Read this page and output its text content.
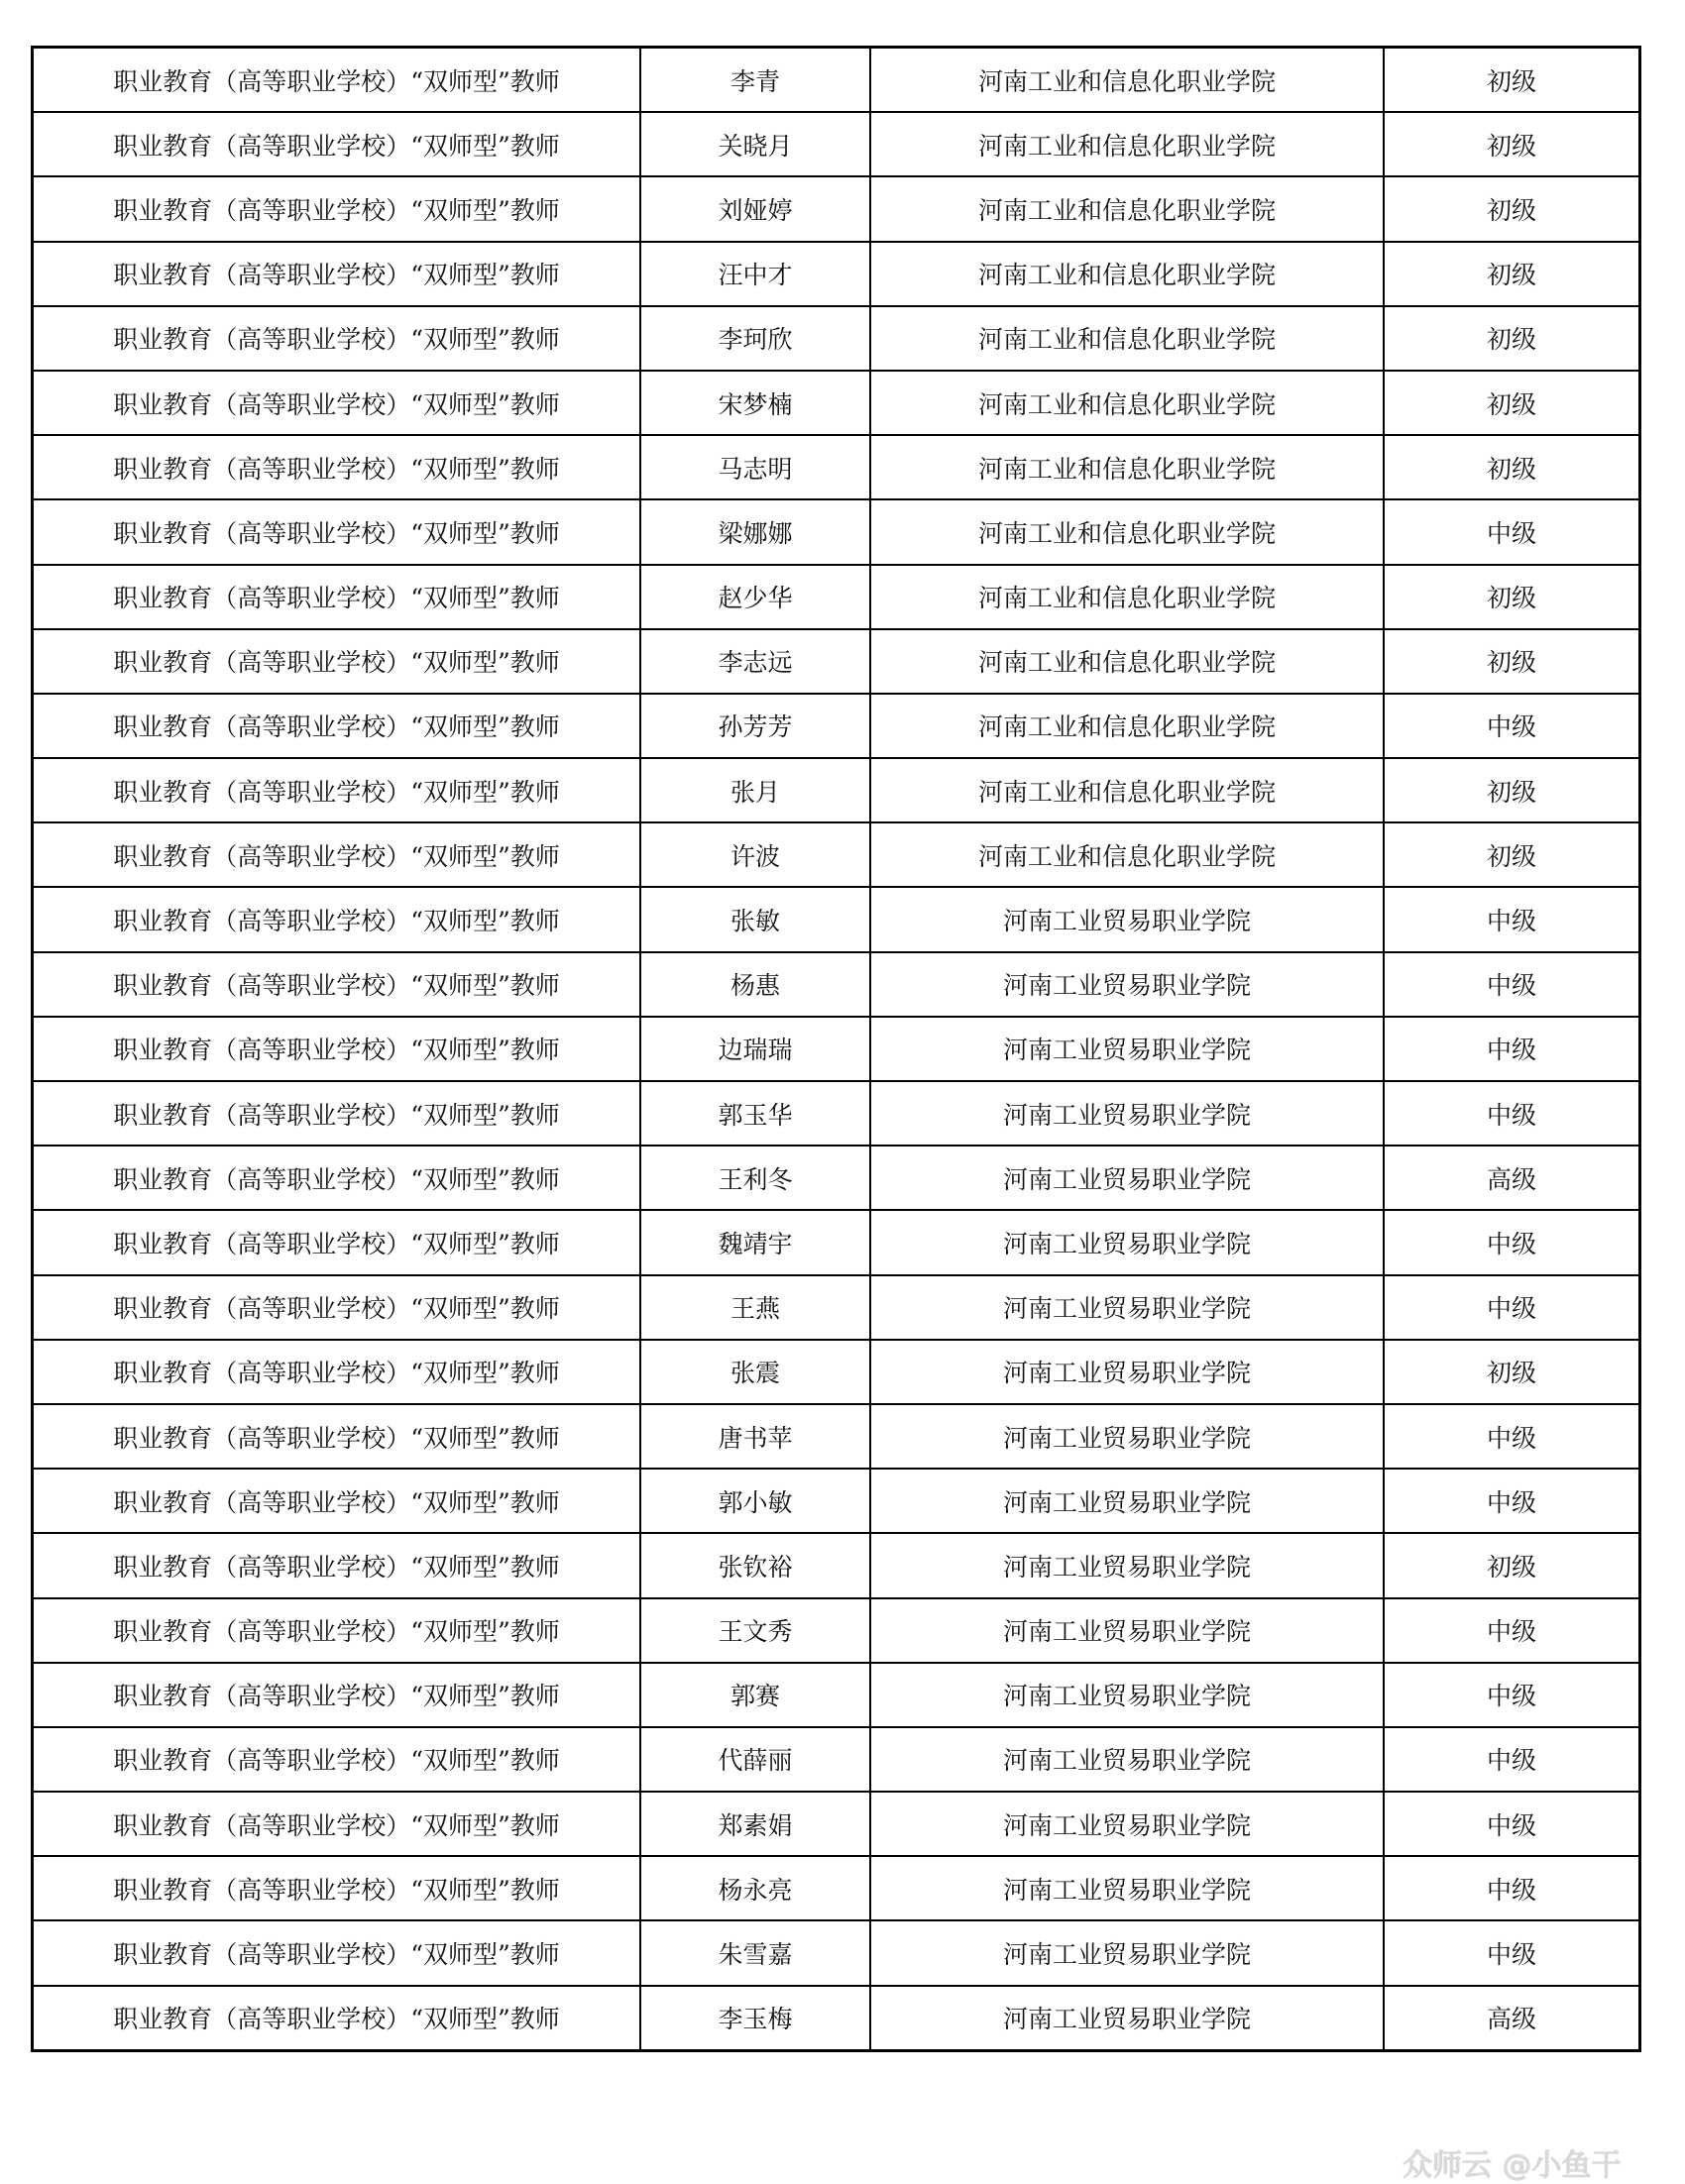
职业教育（高等职业学校）“双师型”教师	李青	河南工业和信息化职业学院	初级
职业教育（高等职业学校）“双师型”教师	关晓月	河南工业和信息化职业学院	初级
职业教育（高等职业学校）“双师型”教师	刘娅婷	河南工业和信息化职业学院	初级
职业教育（高等职业学校）“双师型”教师	汪中才	河南工业和信息化职业学院	初级
职业教育（高等职业学校）“双师型”教师	李珂欣	河南工业和信息化职业学院	初级
职业教育（高等职业学校）“双师型”教师	宋梦楠	河南工业和信息化职业学院	初级
职业教育（高等职业学校）“双师型”教师	马志明	河南工业和信息化职业学院	初级
职业教育（高等职业学校）“双师型”教师	梁娜娜	河南工业和信息化职业学院	中级
职业教育（高等职业学校）“双师型”教师	赵少华	河南工业和信息化职业学院	初级
职业教育（高等职业学校）“双师型”教师	李志远	河南工业和信息化职业学院	初级
职业教育（高等职业学校）“双师型”教师	孙芳芳	河南工业和信息化职业学院	中级
职业教育（高等职业学校）“双师型”教师	张月	河南工业和信息化职业学院	初级
职业教育（高等职业学校）“双师型”教师	许波	河南工业和信息化职业学院	初级
职业教育（高等职业学校）“双师型”教师	张敏	河南工业贸易职业学院	中级
职业教育（高等职业学校）“双师型”教师	杨惠	河南工业贸易职业学院	中级
职业教育（高等职业学校）“双师型”教师	边瑞瑞	河南工业贸易职业学院	中级
职业教育（高等职业学校）“双师型”教师	郭玉华	河南工业贸易职业学院	中级
职业教育（高等职业学校）“双师型”教师	王利冬	河南工业贸易职业学院	高级
职业教育（高等职业学校）“双师型”教师	魏靖宇	河南工业贸易职业学院	中级
职业教育（高等职业学校）“双师型”教师	王燕	河南工业贸易职业学院	中级
职业教育（高等职业学校）“双师型”教师	张震	河南工业贸易职业学院	初级
职业教育（高等职业学校）“双师型”教师	唐书苹	河南工业贸易职业学院	中级
职业教育（高等职业学校）“双师型”教师	郭小敏	河南工业贸易职业学院	中级
职业教育（高等职业学校）“双师型”教师	张钦裕	河南工业贸易职业学院	初级
职业教育（高等职业学校）“双师型”教师	王文秀	河南工业贸易职业学院	中级
职业教育（高等职业学校）“双师型”教师	郭赛	河南工业贸易职业学院	中级
职业教育（高等职业学校）“双师型”教师	代薛丽	河南工业贸易职业学院	中级
职业教育（高等职业学校）“双师型”教师	郑素娟	河南工业贸易职业学院	中级
职业教育（高等职业学校）“双师型”教师	杨永亮	河南工业贸易职业学院	中级
职业教育（高等职业学校）“双师型”教师	朱雪嘉	河南工业贸易职业学院	中级
职业教育（高等职业学校）“双师型”教师	李玉梅	河南工业贸易职业学院	高级
众师云 @小鱼干
